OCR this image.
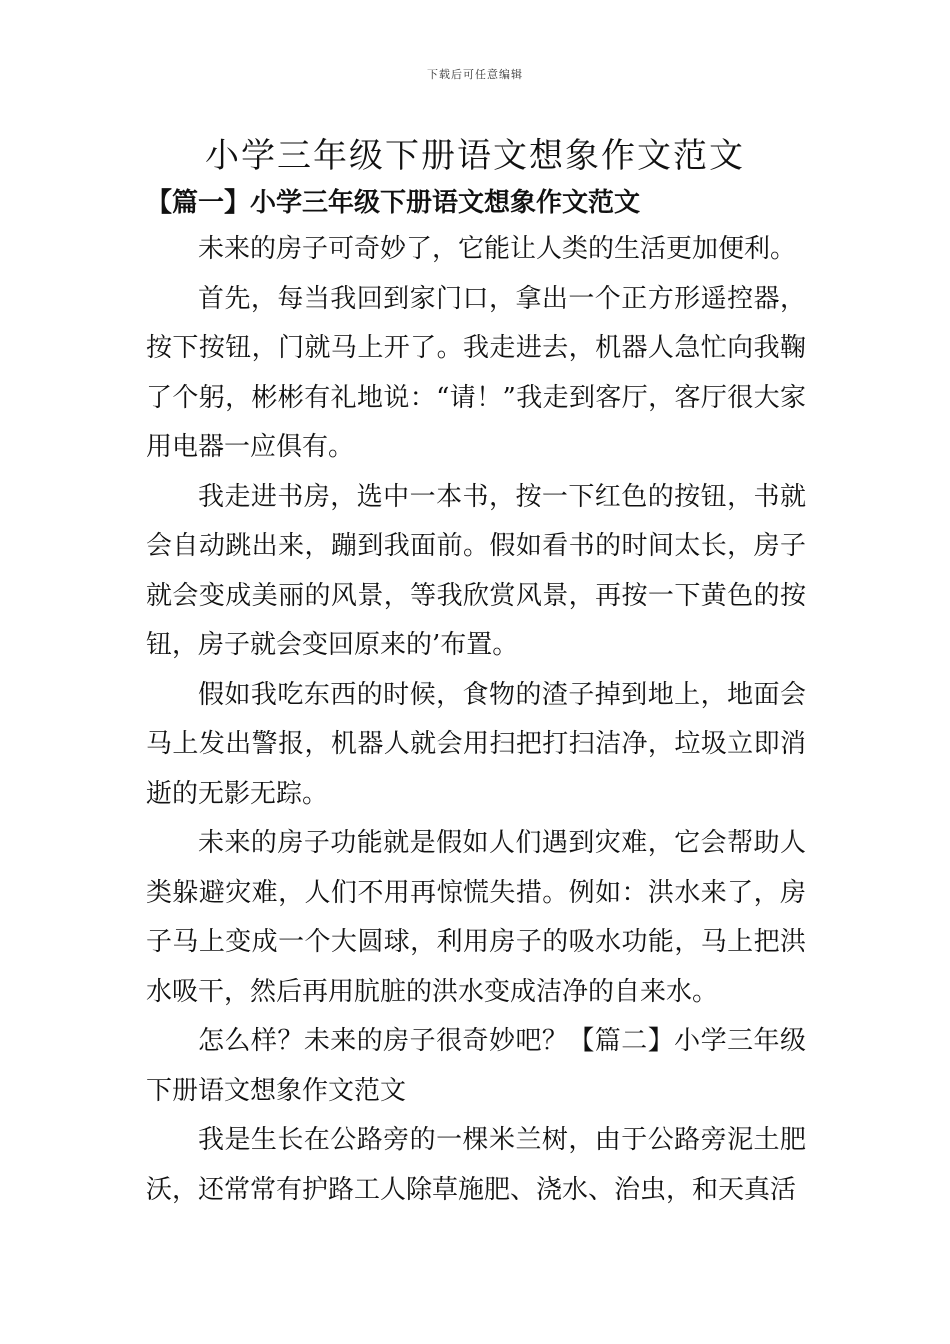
下载后可任意编辑
小学三年级下册语文想象作文范文
【篇一】小学三年级下册语文想象作文范文

未来的房子可奇妙了，它能让人类的生活更加便利。

首先，每当我回到家门口，拿出一个正方形遥控器，按下按钮，门就马上开了。我走进去，机器人急忙向我鞠了个躬，彬彬有礼地说：“请！”我走到客厅，客厅很大家用电器一应俱有。

我走进书房，选中一本书，按一下红色的按钮，书就会自动跳出来，蹦到我面前。假如看书的时间太长，房子就会变成美丽的风景，等我欣赏风景，再按一下黄色的按钮，房子就会变回原来的’布置。

假如我吃东西的时候，食物的渣子掉到地上，地面会马上发出警报，机器人就会用扫把打扫洁净，垃圾立即消逝的无影无踪。

未来的房子功能就是假如人们遇到灾难，它会帮助人类躲避灾难，人们不用再惊慌失措。例如：洪水来了，房子马上变成一个大圆球，利用房子的吸水功能，马上把洪水吸干，然后再用肮脏的洪水变成洁净的自来水。

怎么样？未来的房子很奇妙吧？【篇二】小学三年级下册语文想象作文范文

我是生长在公路旁的一棵米兰树，由于公路旁泥土肥沃，还常常有护路工人除草施肥、浇水、治虫，和天真活
